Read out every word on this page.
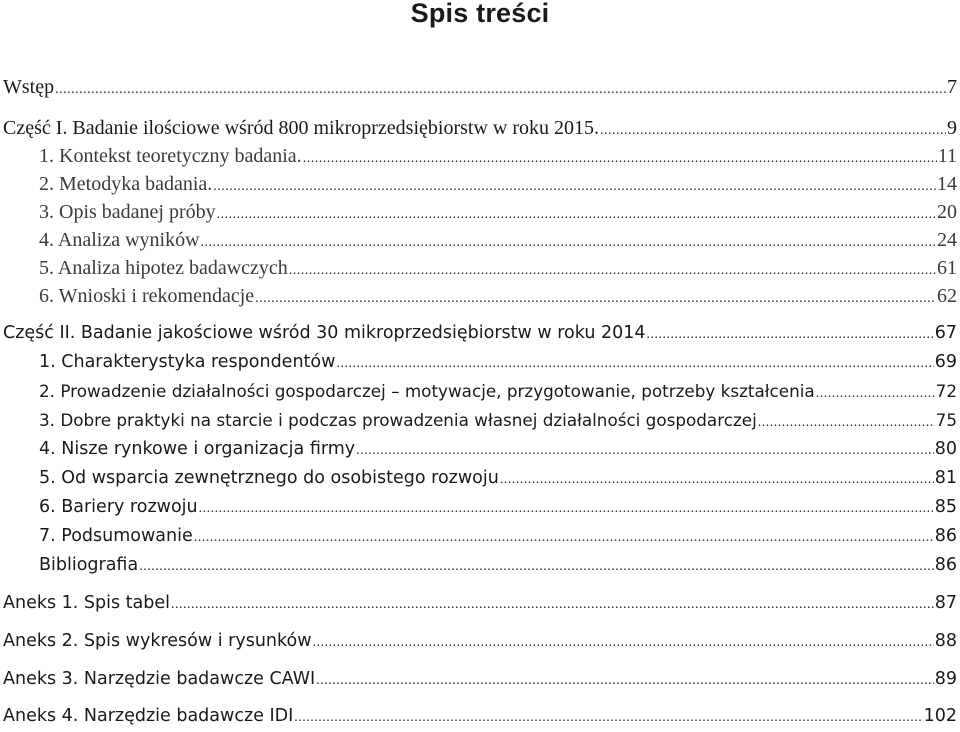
Spis treści
Wstęp .....	7
Część I. Badanie ilościowe wśród 800 mikroprzedsiębiorstw w roku 2015. .....	9
1. Kontekst teoretyczny badania. .....	11
2. Metodyka badania. .....	14
3. Opis badanej próby .....	20
4. Analiza wyników .....	24
5. Analiza hipotez badawczych .....	61
6. Wnioski i rekomendacje .....	62
Część II. Badanie jakościowe wśród 30 mikroprzedsiębiorstw w roku 2014 .....	67
1. Charakterystyka respondentów .....	69
2. Prowadzenie działalności gospodarczej – motywacje, przygotowanie, potrzeby kształcenia .....	72
3. Dobre praktyki na starcie i podczas prowadzenia własnej działalności gospodarczej .....	75
4. Nisze rynkowe i organizacja firmy .....	80
5. Od wsparcia zewnętrznego do osobistego rozwoju .....	81
6. Bariery rozwoju .....	85
7. Podsumowanie .....	86
Bibliografia .....	86
Aneks 1. Spis tabel .....	87
Aneks 2. Spis wykresów i rysunków .....	88
Aneks 3. Narzędzie badawcze CAWI .....	89
Aneks 4. Narzędzie badawcze IDI .....	102
